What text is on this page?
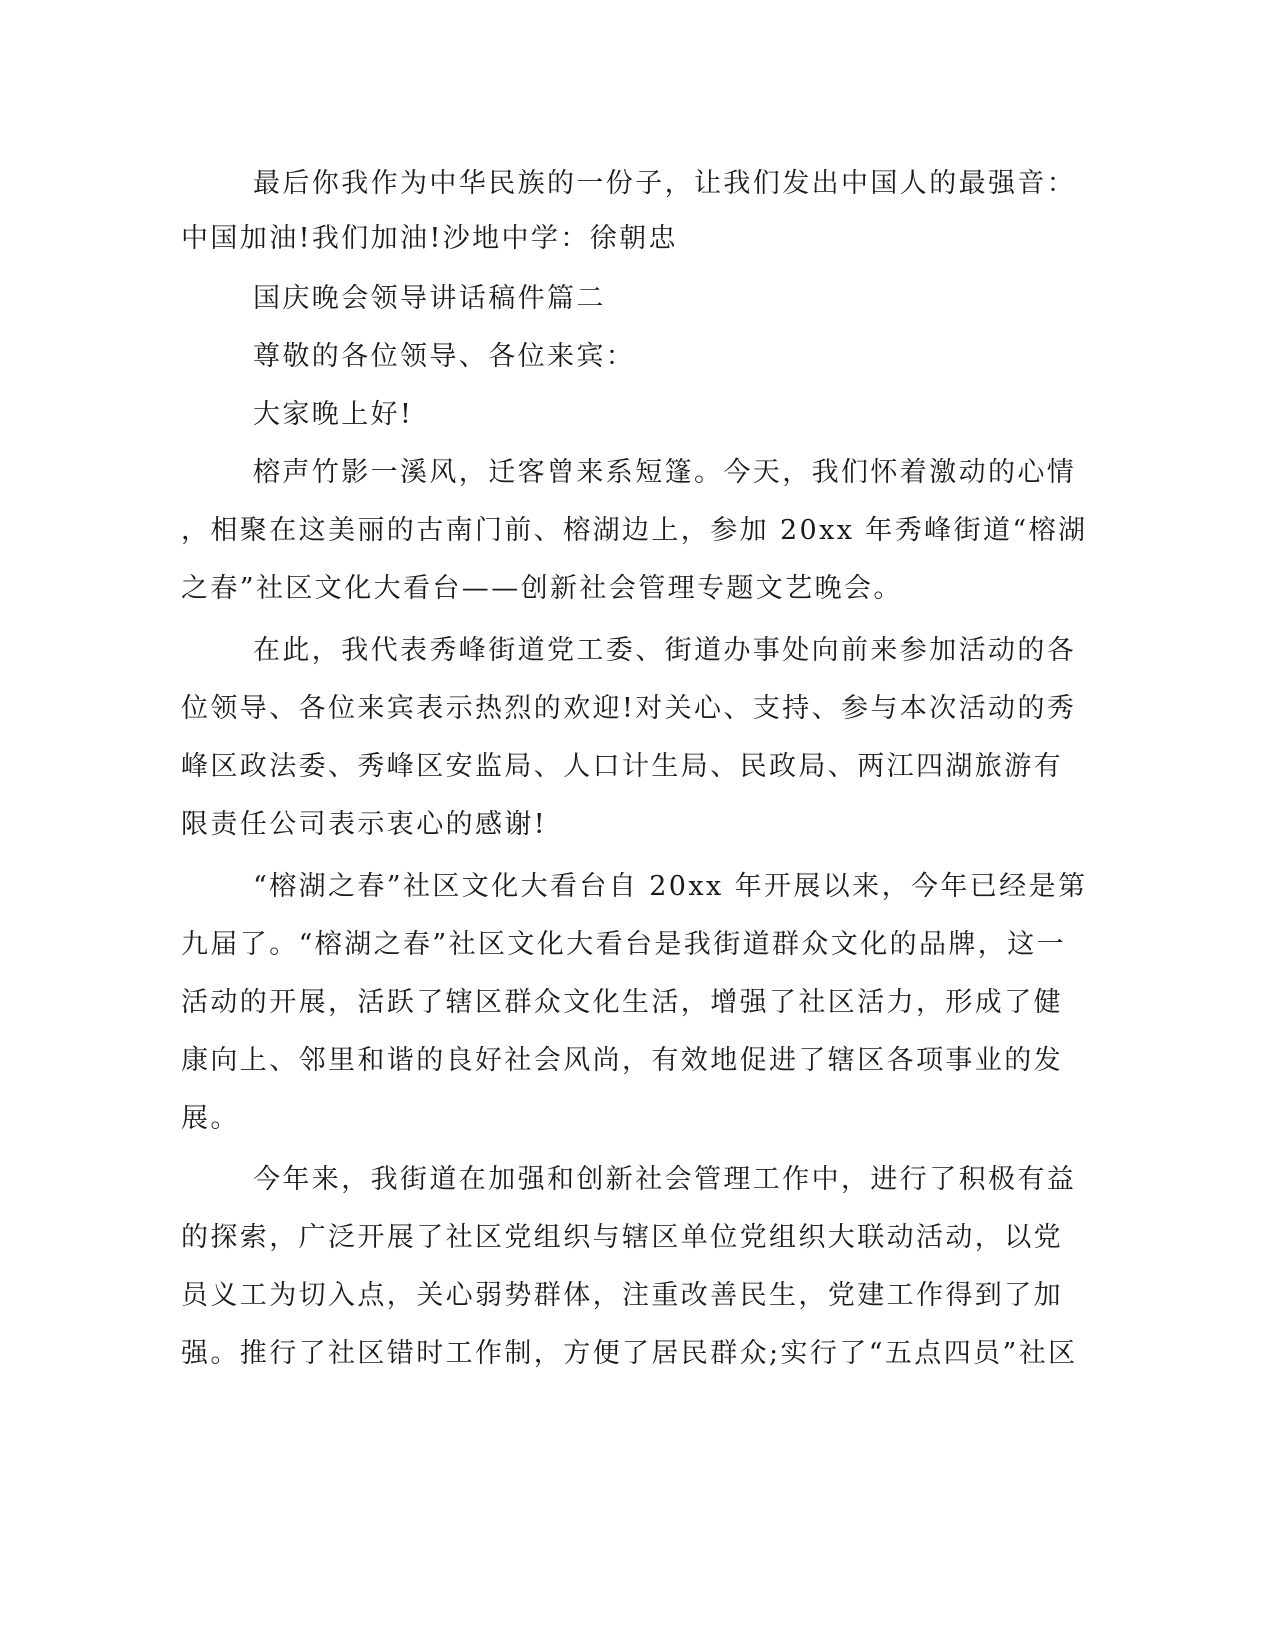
最后你我作为中华民族的一份子，让我们发出中国人的最强音：
中国加油!我们加油!沙地中学：徐朝忠
国庆晚会领导讲话稿件篇二
尊敬的各位领导、各位来宾：
大家晚上好!
榕声竹影一溪风，迁客曾来系短篷。今天，我们怀着激动的心情
，相聚在这美丽的古南门前、榕湖边上，参加 20xx 年秀峰街道“榕湖
之春”社区文化大看台——创新社会管理专题文艺晚会。
在此，我代表秀峰街道党工委、街道办事处向前来参加活动的各
位领导、各位来宾表示热烈的欢迎!对关心、支持、参与本次活动的秀
峰区政法委、秀峰区安监局、人口计生局、民政局、两江四湖旅游有
限责任公司表示衷心的感谢!
“榕湖之春”社区文化大看台自 20xx 年开展以来，今年已经是第
九届了。“榕湖之春”社区文化大看台是我街道群众文化的品牌，这一
活动的开展，活跃了辖区群众文化生活，增强了社区活力，形成了健
康向上、邻里和谐的良好社会风尚，有效地促进了辖区各项事业的发
展。
今年来，我街道在加强和创新社会管理工作中，进行了积极有益
的探索，广泛开展了社区党组织与辖区单位党组织大联动活动，以党
员义工为切入点，关心弱势群体，注重改善民生，党建工作得到了加
强。推行了社区错时工作制，方便了居民群众;实行了“五点四员”社区
